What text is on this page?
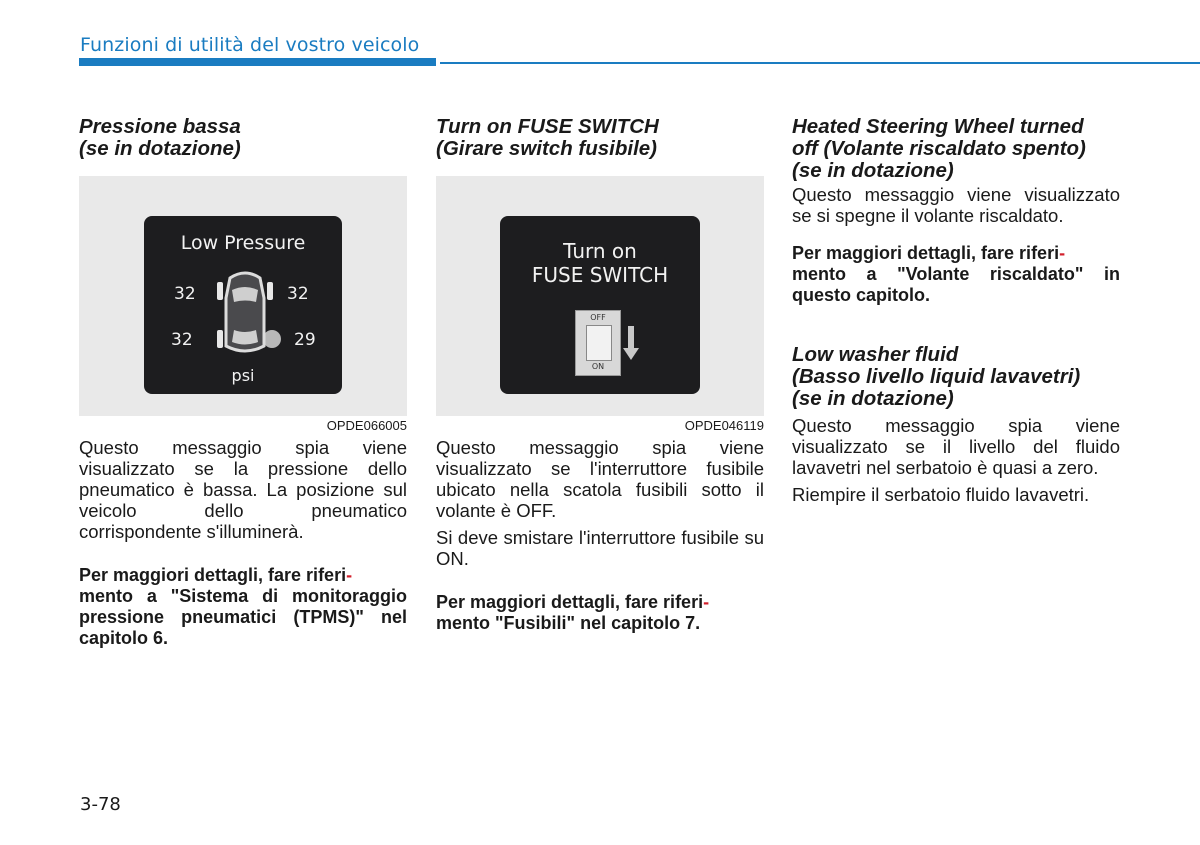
Funzioni di utilità del vostro veicolo
Pressione bassa
(se in dotazione)
Low Pressure
32	32
32	29
psi
OPDE066005

Questo messaggio spia viene visualizzato se la pressione dello pneumatico è bassa. La posizione sul veicolo dello pneumatico corrispondente s'illuminerà.

Per maggiori dettagli, fare riferi-
mento a "Sistema di monitoraggio pressione pneumatici (TPMS)" nel capitolo 6.

Turn on FUSE SWITCH
(Girare switch fusibile)
Turn on
FUSE SWITCH
OFF
ON
OPDE046119

Questo messaggio spia viene visualizzato se l'interruttore fusibile ubicato nella scatola fusibili sotto il volante è OFF.

Si deve smistare l'interruttore fusibile su ON.

Per maggiori dettagli, fare riferi-
mento "Fusibili" nel capitolo 7.

Heated Steering Wheel turned
off (Volante riscaldato spento)
(se in dotazione)

Questo messaggio viene visualizzato se si spegne il volante riscaldato.

Per maggiori dettagli, fare riferi-
mento a "Volante riscaldato" in questo capitolo.

Low washer fluid
(Basso livello liquid lavavetri)
(se in dotazione)

Questo messaggio spia viene visualizzato se il livello del fluido lavavetri nel serbatoio è quasi a zero.

Riempire il serbatoio fluido lavavetri.

3-78
